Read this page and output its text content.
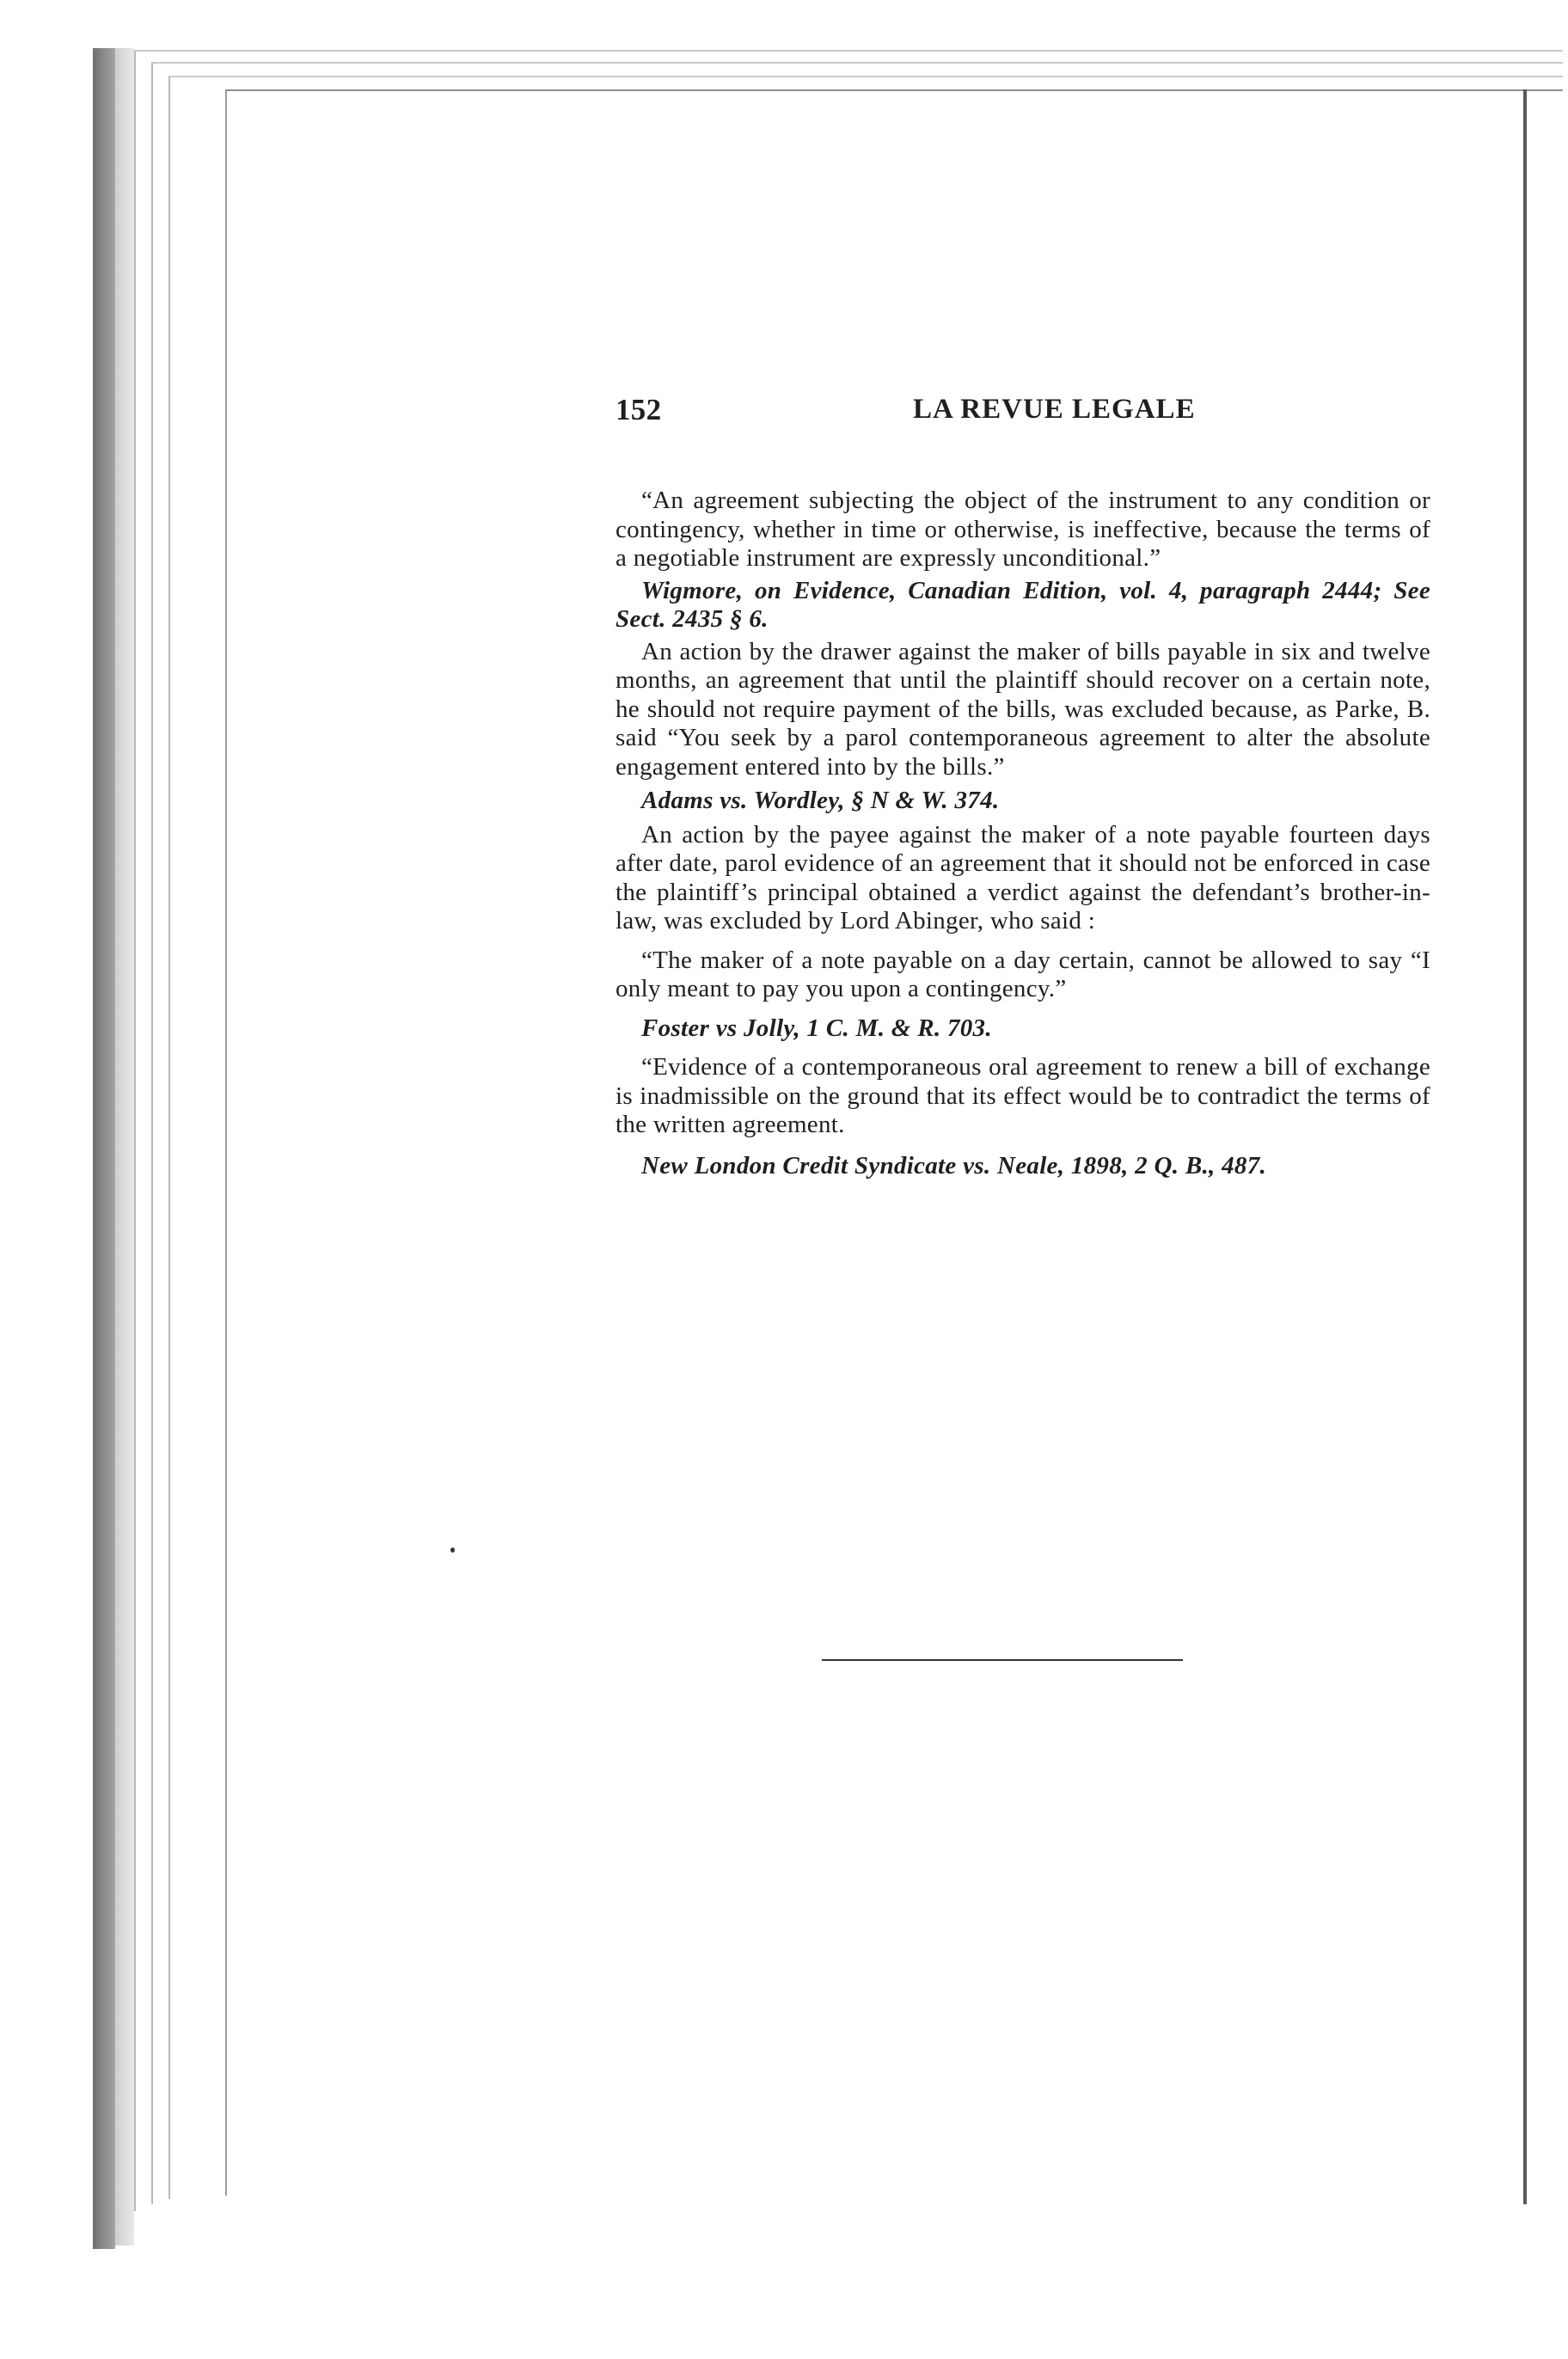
152	LA REVUE LEGALE

“An agreement subjecting the object of the instrument to any condition or contingency, whether in time or otherwise, is ineffective, because the terms of a negotiable instrument are expressly unconditional.”

Wigmore, on Evidence, Canadian Edition, vol. 4, paragraph 2444; See Sect. 2435 § 6.

An action by the drawer against the maker of bills payable in six and twelve months, an agreement that until the plaintiff should recover on a certain note, he should not require payment of the bills, was excluded because, as Parke, B. said “You seek by a parol contemporaneous agreement to alter the absolute engagement entered into by the bills.”

Adams vs. Wordley, § N & W. 374.

An action by the payee against the maker of a note payable fourteen days after date, parol evidence of an agreement that it should not be enforced in case the plaintiff’s principal obtained a verdict against the defendant’s brother-in-law, was excluded by Lord Abinger, who said :

“The maker of a note payable on a day certain, cannot be allowed to say “I only meant to pay you upon a contingency.”

Foster vs Jolly, 1 C. M. & R. 703.

“Evidence of a contemporaneous oral agreement to renew a bill of exchange is inadmissible on the ground that its effect would be to contradict the terms of the written agreement.

New London Credit Syndicate vs. Neale, 1898, 2 Q. B., 487.
